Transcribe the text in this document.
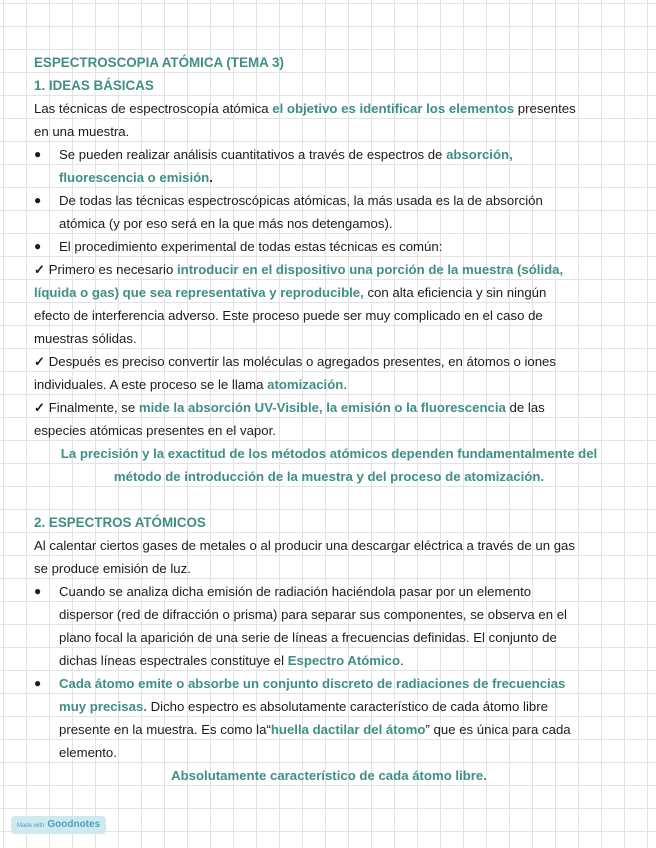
ESPECTROSCOPIA ATÓMICA (TEMA 3)
1. IDEAS BÁSICAS
Las técnicas de espectroscopía atómica el objetivo es identificar los elementos presentes
en una muestra.
● Se pueden realizar análisis cuantitativos a través de espectros de absorción,
fluorescencia o emisión.
● De todas las técnicas espectroscópicas atómicas, la más usada es la de absorción
atómica (y por eso será en la que más nos detengamos).
● El procedimiento experimental de todas estas técnicas es común:
✓ Primero es necesario introducir en el dispositivo una porción de la muestra (sólida,
líquida o gas) que sea representativa y reproducible, con alta eficiencia y sin ningún
efecto de interferencia adverso. Este proceso puede ser muy complicado en el caso de
muestras sólidas.
✓ Después es preciso convertir las moléculas o agregados presentes, en átomos o iones
individuales. A este proceso se le llama atomización.
✓ Finalmente, se mide la absorción UV-Visible, la emisión o la fluorescencia de las
especies atómicas presentes en el vapor.
La precisión y la exactitud de los métodos atómicos dependen fundamentalmente del
método de introducción de la muestra y del proceso de atomización.
2. ESPECTROS ATÓMICOS
Al calentar ciertos gases de metales o al producir una descargar eléctrica a través de un gas
se produce emisión de luz.
● Cuando se analiza dicha emisión de radiación haciéndola pasar por un elemento
dispersor (red de difracción o prisma) para separar sus componentes, se observa en el
plano focal la aparición de una serie de líneas a frecuencias definidas. El conjunto de
dichas líneas espectrales constituye el Espectro Atómico.
● Cada átomo emite o absorbe un conjunto discreto de radiaciones de frecuencias
muy precisas. Dicho espectro es absolutamente característico de cada átomo libre
presente en la muestra. Es como la“huella dactilar del átomo” que es única para cada
elemento.
Absolutamente característico de cada átomo libre.
Made with Goodnotes
